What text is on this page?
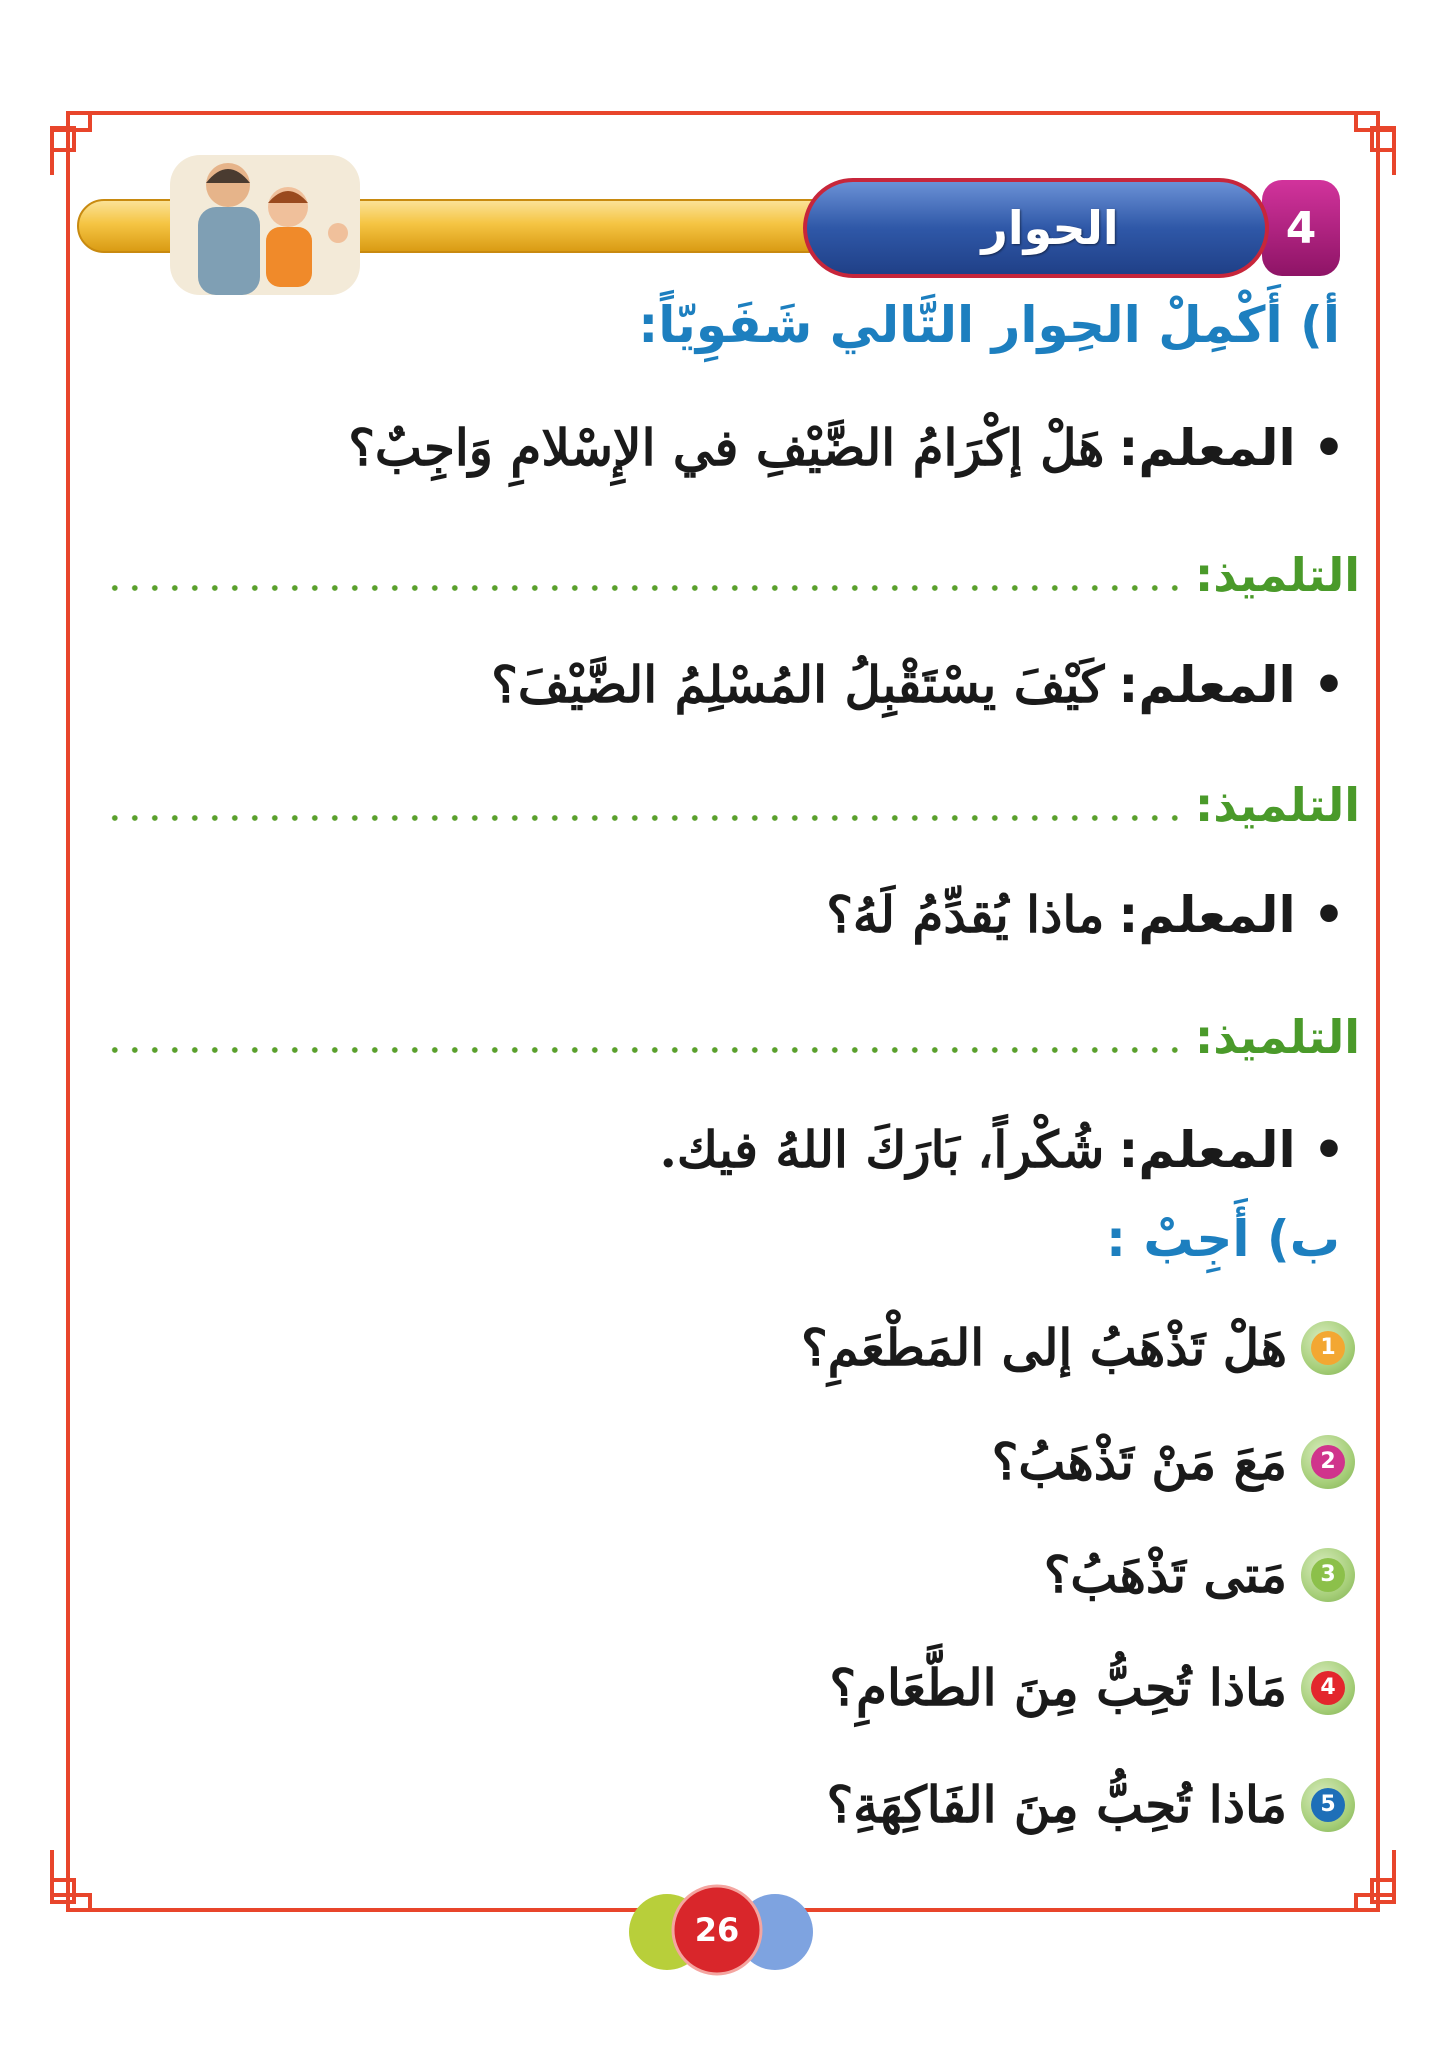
4
الحوار
أ) أَكْمِلْ الحِوار التَّالي شَفَوِيّاً:
• المعلم:
هَلْ إكْرَامُ الضَّيْفِ في الإِسْلامِ وَاجِبٌ؟
التلميذ:
• المعلم:
كَيْفَ يسْتَقْبِلُ المُسْلِمُ الضَّيْفَ؟
التلميذ:
• المعلم:
ماذا يُقدِّمُ لَهُ؟
التلميذ:
• المعلم:
شُكْراً، بَارَكَ اللهُ فيك.
ب) أَجِبْ :
1
هَلْ تَذْهَبُ إلى المَطْعَمِ؟
2
مَعَ مَنْ تَذْهَبُ؟
3
مَتى تَذْهَبُ؟
4
مَاذا تُحِبُّ مِنَ الطَّعَامِ؟
5
مَاذا تُحِبُّ مِنَ الفَاكِهَةِ؟
26
